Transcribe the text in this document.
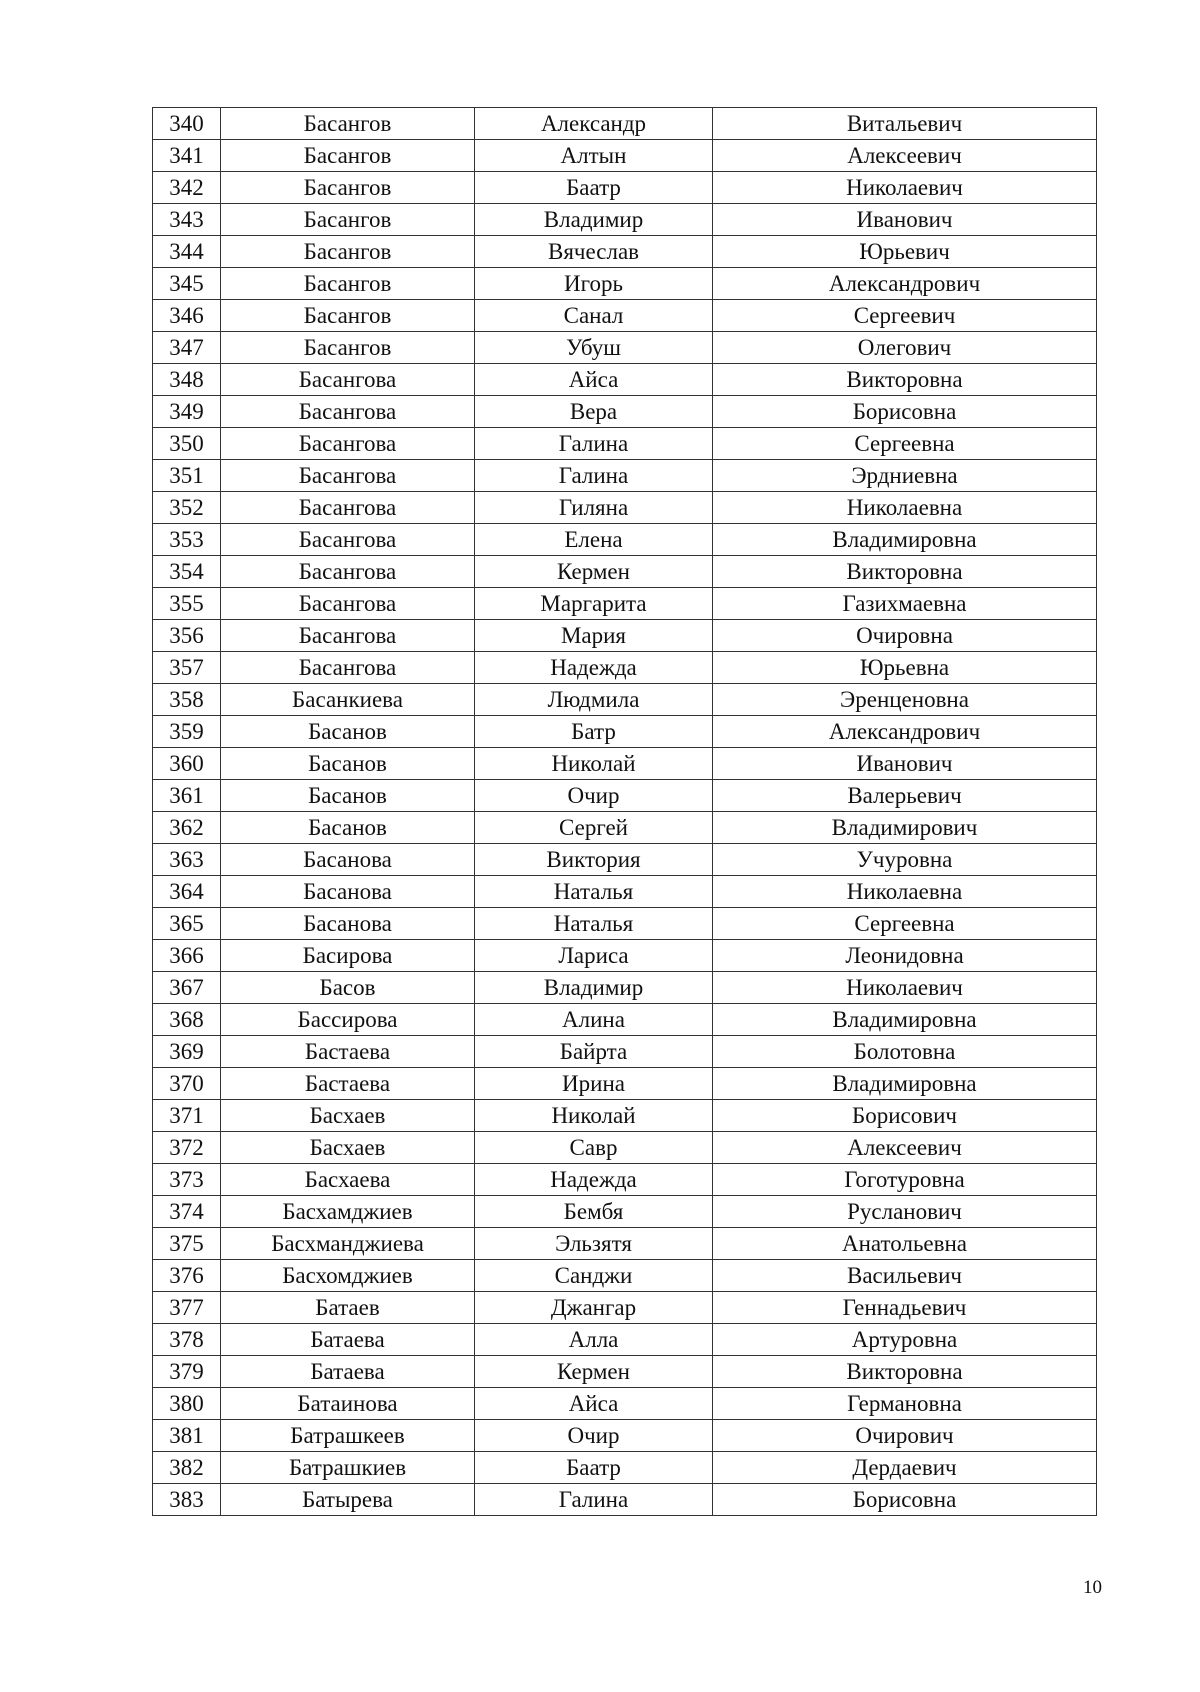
340	Басангов	Александр	Витальевич
341	Басангов	Алтын	Алексеевич
342	Басангов	Баатр	Николаевич
343	Басангов	Владимир	Иванович
344	Басангов	Вячеслав	Юрьевич
345	Басангов	Игорь	Александрович
346	Басангов	Санал	Сергеевич
347	Басангов	Убуш	Олегович
348	Басангова	Айса	Викторовна
349	Басангова	Вера	Борисовна
350	Басангова	Галина	Сергеевна
351	Басангова	Галина	Эрдниевна
352	Басангова	Гиляна	Николаевна
353	Басангова	Елена	Владимировна
354	Басангова	Кермен	Викторовна
355	Басангова	Маргарита	Газихмаевна
356	Басангова	Мария	Очировна
357	Басангова	Надежда	Юрьевна
358	Басанкиева	Людмила	Эренценовна
359	Басанов	Батр	Александрович
360	Басанов	Николай	Иванович
361	Басанов	Очир	Валерьевич
362	Басанов	Сергей	Владимирович
363	Басанова	Виктория	Учуровна
364	Басанова	Наталья	Николаевна
365	Басанова	Наталья	Сергеевна
366	Басирова	Лариса	Леонидовна
367	Басов	Владимир	Николаевич
368	Бассирова	Алина	Владимировна
369	Бастаева	Байрта	Болотовна
370	Бастаева	Ирина	Владимировна
371	Басхаев	Николай	Борисович
372	Басхаев	Савр	Алексеевич
373	Басхаева	Надежда	Гоготуровна
374	Басхамджиев	Бембя	Русланович
375	Басхманджиева	Эльзятя	Анатольевна
376	Басхомджиев	Санджи	Васильевич
377	Батаев	Джангар	Геннадьевич
378	Батаева	Алла	Артуровна
379	Батаева	Кермен	Викторовна
380	Батаинова	Айса	Германовна
381	Батрашкеев	Очир	Очирович
382	Батрашкиев	Баатр	Дердаевич
383	Батырева	Галина	Борисовна
10
